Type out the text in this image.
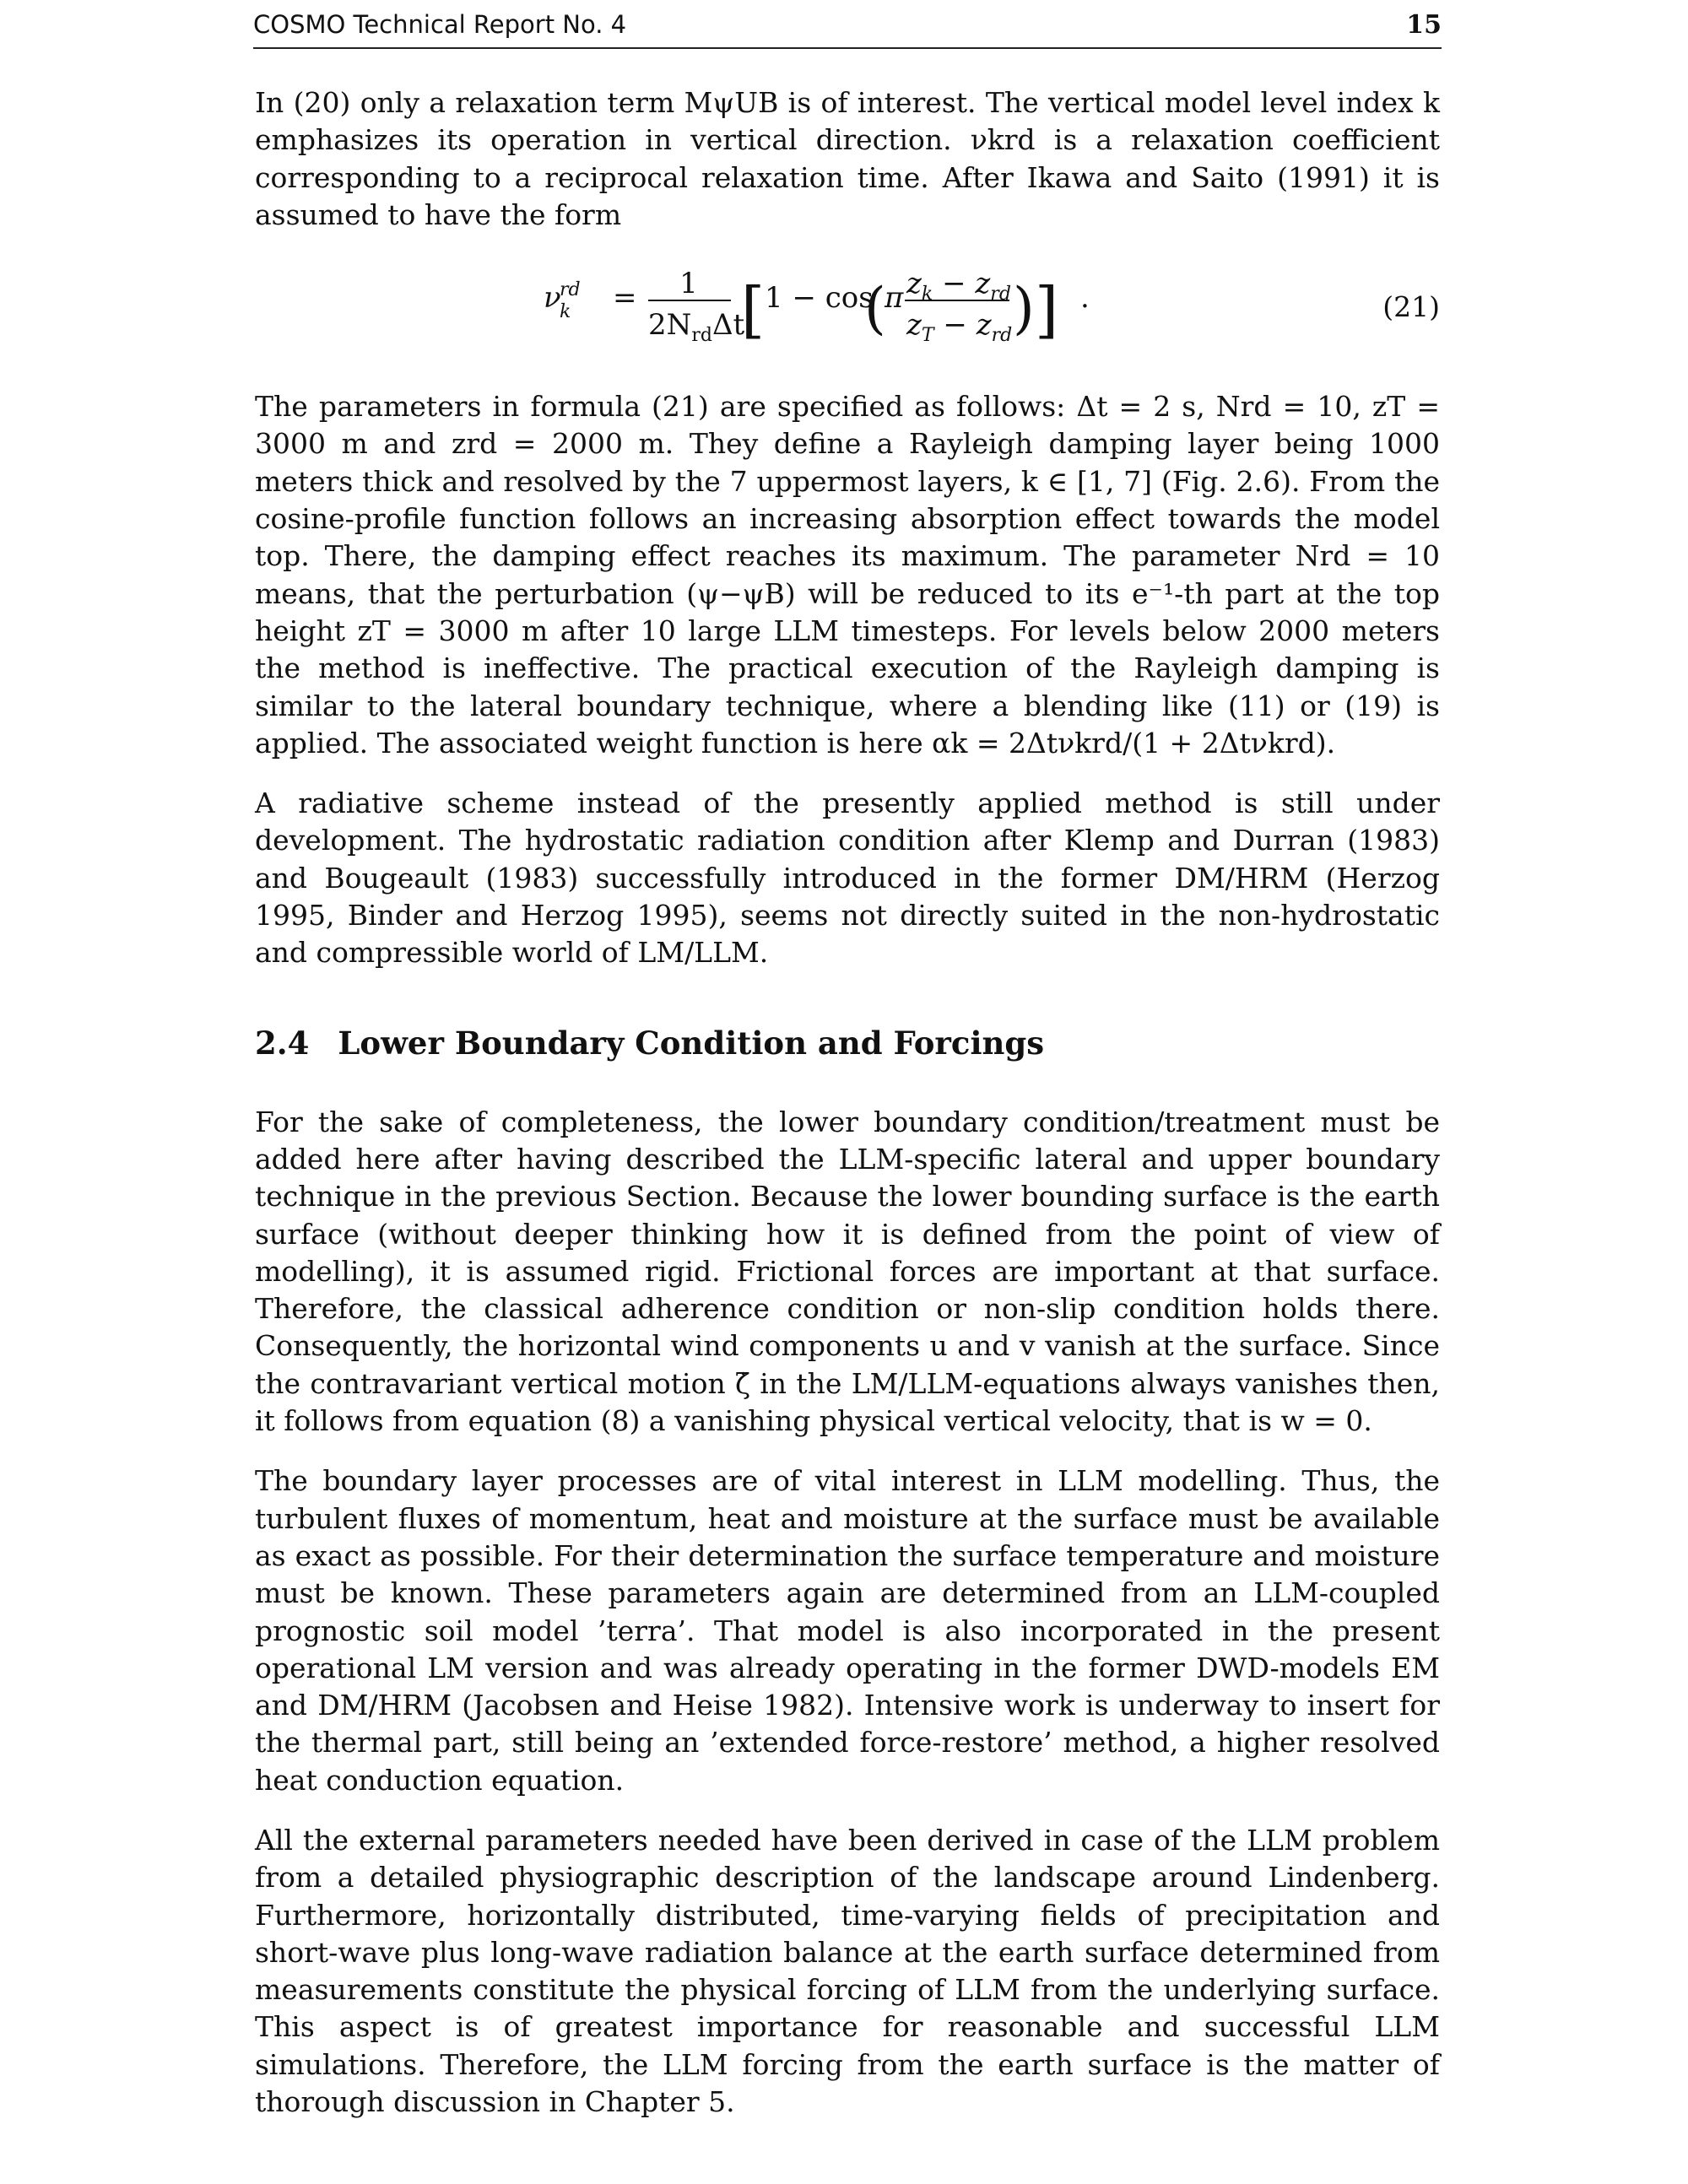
COSMO Technical Report No. 4	15

In (20) only a relaxation term MψUB is of interest. The vertical model level index k emphasizes its operation in vertical direction. νkrd is a relaxation coefficient corresponding to a reciprocal relaxation time. After Ikawa and Saito (1991) it is assumed to have the form

ν
rd
k = 1
$2N_{rd}\Delta t$
[ 1 − cos
(
π $z_k - z_{rd}$
$z_T - z_{rd}$ ) ] .	(21)

The parameters in formula (21) are specified as follows: Δt = 2 s, Nrd = 10, zT = 3000 m and zrd = 2000 m. They define a Rayleigh damping layer being 1000 meters thick and resolved by the 7 uppermost layers, k ∈ [1, 7] (Fig. 2.6). From the cosine-profile function follows an increasing absorption effect towards the model top. There, the damping effect reaches its maximum. The parameter Nrd = 10 means, that the perturbation (ψ−ψB) will be reduced to its e⁻¹-th part at the top height zT = 3000 m after 10 large LLM timesteps. For levels below 2000 meters the method is ineffective. The practical execution of the Rayleigh damping is similar to the lateral boundary technique, where a blending like (11) or (19) is applied. The associated weight function is here αk = 2Δtνkrd/(1 + 2Δtνkrd).

A radiative scheme instead of the presently applied method is still under development. The hydrostatic radiation condition after Klemp and Durran (1983) and Bougeault (1983) successfully introduced in the former DM/HRM (Herzog 1995, Binder and Herzog 1995), seems not directly suited in the non-hydrostatic and compressible world of LM/LLM.

2.4 Lower Boundary Condition and Forcings

For the sake of completeness, the lower boundary condition/treatment must be added here after having described the LLM-specific lateral and upper boundary technique in the previous Section. Because the lower bounding surface is the earth surface (without deeper thinking how it is defined from the point of view of modelling), it is assumed rigid. Frictional forces are important at that surface. Therefore, the classical adherence condition or non-slip condition holds there. Consequently, the horizontal wind components u and v vanish at the surface. Since the contravariant vertical motion ζ̇ in the LM/LLM-equations always vanishes then, it follows from equation (8) a vanishing physical vertical velocity, that is w = 0.

The boundary layer processes are of vital interest in LLM modelling. Thus, the turbulent fluxes of momentum, heat and moisture at the surface must be available as exact as possible. For their determination the surface temperature and moisture must be known. These parameters again are determined from an LLM-coupled prognostic soil model ’terra’. That model is also incorporated in the present operational LM version and was already operating in the former DWD-models EM and DM/HRM (Jacobsen and Heise 1982). Intensive work is underway to insert for the thermal part, still being an ’extended force-restore’ method, a higher resolved heat conduction equation.

All the external parameters needed have been derived in case of the LLM problem from a detailed physiographic description of the landscape around Lindenberg. Furthermore, horizontally distributed, time-varying fields of precipitation and short-wave plus long-wave radiation balance at the earth surface determined from measurements constitute the physical forcing of LLM from the underlying surface. This aspect is of greatest importance for reasonable and successful LLM simulations. Therefore, the LLM forcing from the earth surface is the matter of thorough discussion in Chapter 5.
